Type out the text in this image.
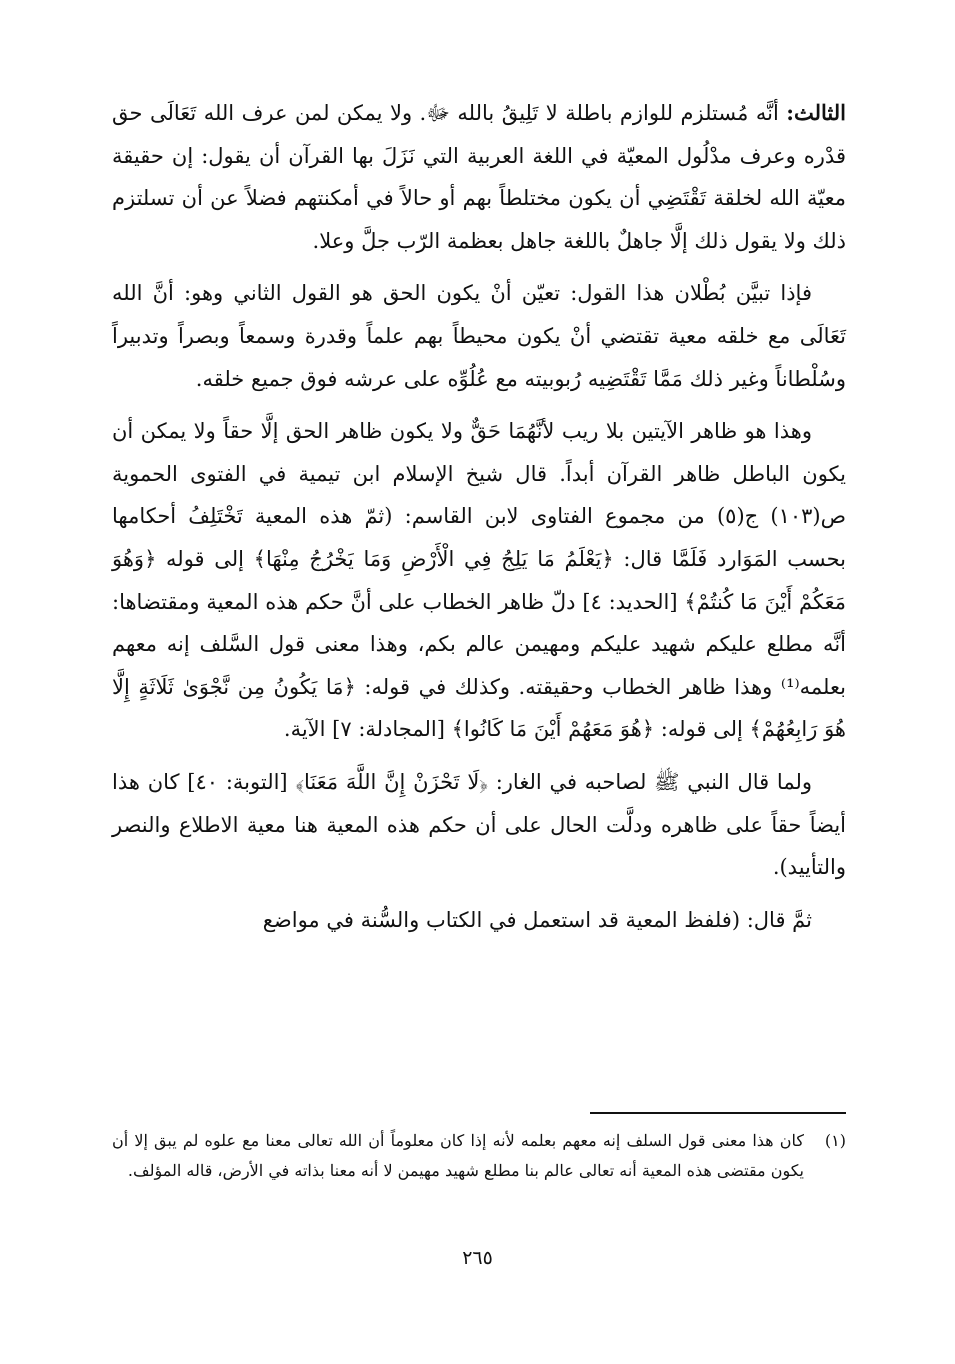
الثالث: أنَّه مُستلزم للوازم باطلة لا تَلِيقُ بالله ﷻ. ولا يمكن لمن عرف الله تَعَالَى حق قدْره وعرف مدْلُول المعيّة في اللغة العربية التي نَزَلَ بها القرآن أن يقول: إن حقيقة معيّة الله لخلقة تَقْتَضِي أن يكون مختلطاً بهم أو حالاً في أمكنتهم فضلاً عن أن تسلتزم ذلك ولا يقول ذلك إلَّا جاهلٌ باللغة جاهل بعظمة الرّب جلَّ وعلا.

فإذا تبيَّن بُطْلان هذا القول: تعيّن أنْ يكون الحق هو القول الثاني وهو: أنَّ الله تَعَالَى مع خلقه معية تقتضي أنْ يكون محيطاً بهم علماً وقدرة وسمعاً وبصراً وتدبيراً وسُلْطاناً وغير ذلك مَمَّا تَقْتَضِيه رُبوبيته مع عُلُوِّه على عرشه فوق جميع خلقه.

وهذا هو ظاهر الآيتين بلا ريب لأنَّهُمَا حَقٌّ ولا يكون ظاهر الحق إلَّا حقاً ولا يمكن أن يكون الباطل ظاهر القرآن أبداً. قال شيخ الإسلام ابن تيمية في الفتوى الحموية ص(١٠٣) ج(٥) من مجموع الفتاوى لابن القاسم: (ثمّ هذه المعية تَخْتَلِفُ أحكامها بحسب المَوَارد فَلَمَّا قال: ﴿يَعْلَمُ مَا يَلِجُ فِي الْأَرْضِ وَمَا يَخْرُجُ مِنْهَا﴾ إلى قوله ﴿وَهُوَ مَعَكُمْ أَيْنَ مَا كُنتُمْ﴾ [الحديد: ٤] دلّ ظاهر الخطاب على أنَّ حكم هذه المعية ومقتضاها: أنَّه مطلع عليكم شهيد عليكم ومهيمن عالم بكم، وهذا معنى قول السَّلف إنه معهم بعلمه⁽¹⁾ وهذا ظاهر الخطاب وحقيقته. وكذلك في قوله: ﴿مَا يَكُونُ مِن نَّجْوَىٰ ثَلَاثَةٍ إِلَّا هُوَ رَابِعُهُمْ﴾ إلى قوله: ﴿هُوَ مَعَهُمْ أَيْنَ مَا كَانُوا﴾ [المجادلة: ٧] الآية.

ولما قال النبي ﷺ لصاحبه في الغار: ﴿لَا تَحْزَنْ إِنَّ اللَّهَ مَعَنَا﴾ [التوبة: ٤٠] كان هذا أيضاً حقاً على ظاهره ودلَّت الحال على أن حكم هذه المعية هنا معية الاطلاع والنصر والتأييد).

ثمَّ قال: (فلفظ المعية قد استعمل في الكتاب والسُّنة في مواضع

(١)
كان هذا معنى قول السلف إنه معهم بعلمه لأنه إذا كان معلوماً أن الله تعالى معنا مع علوه لم يبق إلا أن يكون مقتضى هذه المعية أنه تعالى عالم بنا مطلع شهيد مهيمن لا أنه معنا بذاته في الأرض، قاله المؤلف.

٢٦٥
